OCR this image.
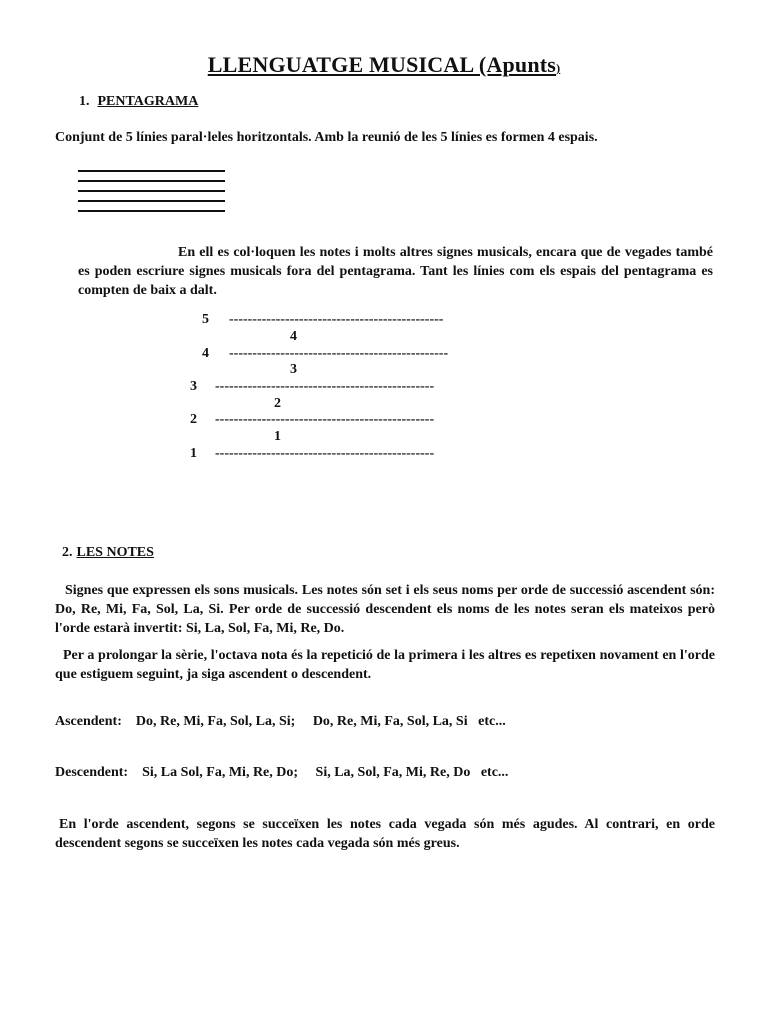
LLENGUATGE MUSICAL (Apunts)
1. PENTAGRAMA
Conjunt de 5 línies paral·leles horitzontals. Amb la reunió de les 5 línies es formen 4 espais.
En ell es col·loquen les notes i molts altres signes musicals, encara que de vegades també es poden escriure signes musicals fora del pentagrama. Tant les línies com els espais del pentagrama es compten de baix a dalt.
5 ----------------------------------------------
4
4 -----------------------------------------------
3
3 -----------------------------------------------
2
2 -----------------------------------------------
1
1 -----------------------------------------------
2. LES NOTES
Signes que expressen els sons musicals. Les notes són set i els seus noms per orde de successió ascendent són: Do, Re, Mi, Fa, Sol, La, Si. Per orde de successió descendent els noms de les notes seran els mateixos però l'orde estarà invertit: Si, La, Sol, Fa, Mi, Re, Do.
Per a prolongar la sèrie, l'octava nota és la repetició de la primera i les altres es repetixen novament en l'orde que estiguem seguint, ja siga ascendent o descendent.
Ascendent:    Do, Re, Mi, Fa, Sol, La, Si;     Do, Re, Mi, Fa, Sol, La, Si   etc...
Descendent:    Si, La Sol, Fa, Mi, Re, Do;     Si, La, Sol, Fa, Mi, Re, Do   etc...
En l'orde ascendent, segons se succeïxen les notes cada vegada són més agudes. Al contrari, en orde descendent segons se succeïxen les notes cada vegada són més greus.
